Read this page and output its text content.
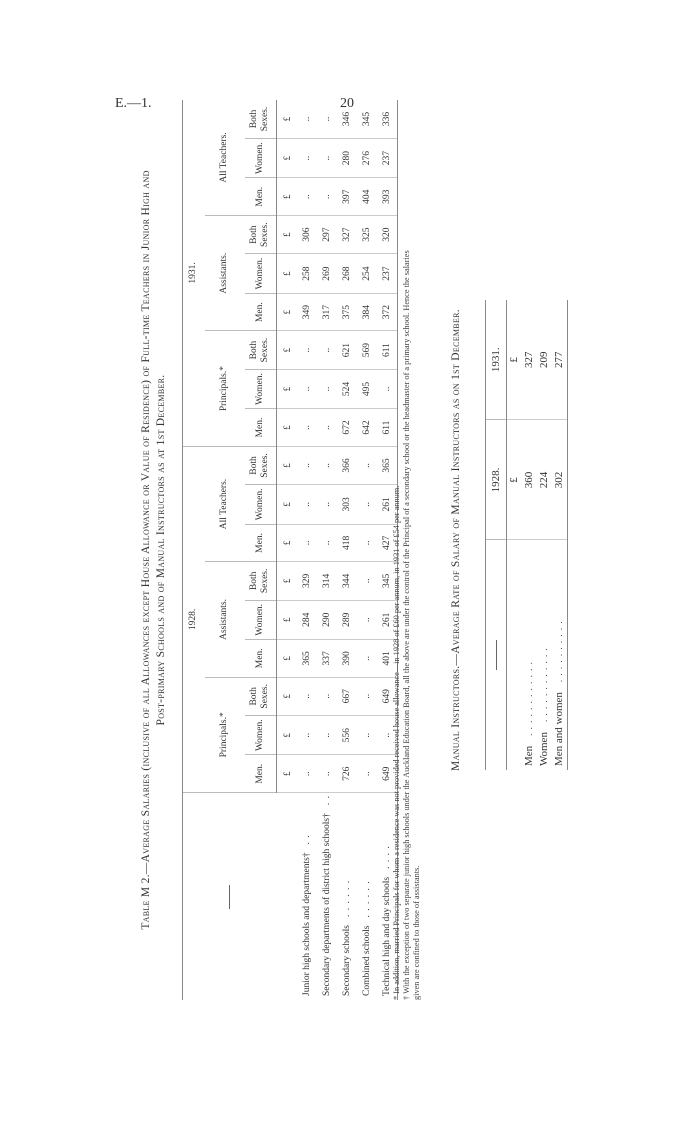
E.—1.	20
Table M 2.—Average Salaries (inclusive of all Allowances except House Allowance or Value of Residence) of Full-time Teachers in Junior High and Post-primary Schools and of Manual Instructors as at 1st December.
	1928.									1931.								
	Principals.*			Assistants.			All Teachers.			Principals.*			Assistants.			All Teachers.		
	Men.	Women.	Both Sexes.	Men.	Women.	Both Sexes.	Men.	Women.	Both Sexes.	Men.	Women.	Both Sexes.	Men.	Women.	Both Sexes.	Men.	Women.	Both Sexes.
	£	£	£	£	£	£	£	£	£	£	£	£	£	£	£	£	£	£
Junior high schools and departments†. .	..	..	..	365	284	329	..	..	..	..	..	..	349	258	306	..	..	..
Secondary departments of district high schools†. .	..	..	..	337	290	314	..	..	..	..	..	..	317	269	297	..	..	..
Secondary schools. . . . . .	726	556	667	390	289	344	418	303	366	672	524	621	375	268	327	397	280	346
Combined schools. . . . . .	..	..	..	..	..	..	..	..	..	642	495	569	384	254	325	404	276	345
Technical high and day schools. . . .	649	..	649	401	261	345	427	261	365	611	..	611	372	237	320	393	237	336

* In addition, married Principals for whom a residence was not provided received house allowance—in 1928 of £60 per annum, in 1931 of £54 per annum. † With the exception of two separate junior high schools under the Auckland Education Board, all the above are under the control of the Principal of a secondary school or the headmaster of a primary school. Hence the salaries given are confined to those of assistants.

Manual Instructors.—Average Rate of Salary of Manual Instructors as on 1st December.
		1928.	1931.
	£	£
Men. . . . . . . . . . . .	360	327
Women. . . . . . . . . . . .	224	209
Men and women. . . . . . . . . .	302	277
